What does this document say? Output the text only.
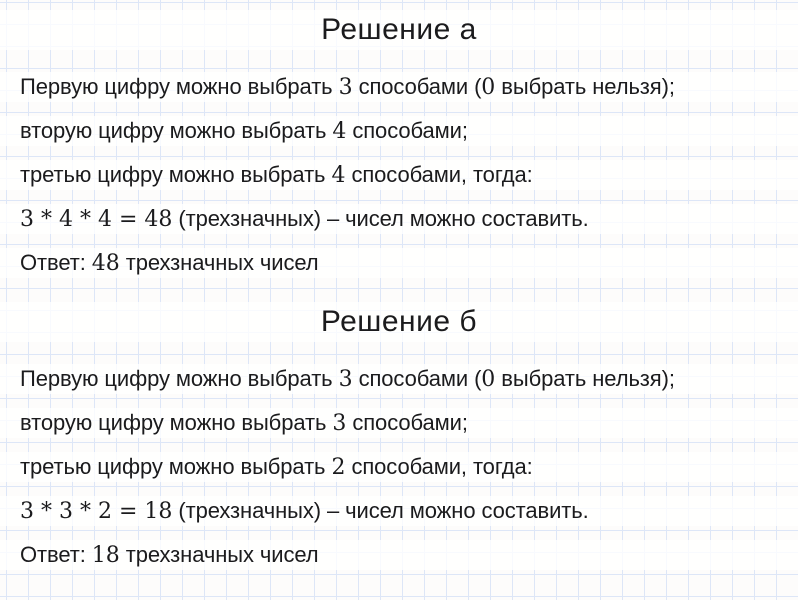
Решение а
Первую цифру можно выбрать 3 способами (0 выбрать нельзя);
вторую цифру можно выбрать 4 способами;
третью цифру можно выбрать 4 способами, тогда:
3 * 4 * 4 = 48 (трехзначных) – чисел можно составить.
Ответ: 48 трехзначных чисел
Решение б
Первую цифру можно выбрать 3 способами (0 выбрать нельзя);
вторую цифру можно выбрать 3 способами;
третью цифру можно выбрать 2 способами, тогда:
3 * 3 * 2 = 18 (трехзначных) – чисел можно составить.
Ответ: 18 трехзначных чисел
